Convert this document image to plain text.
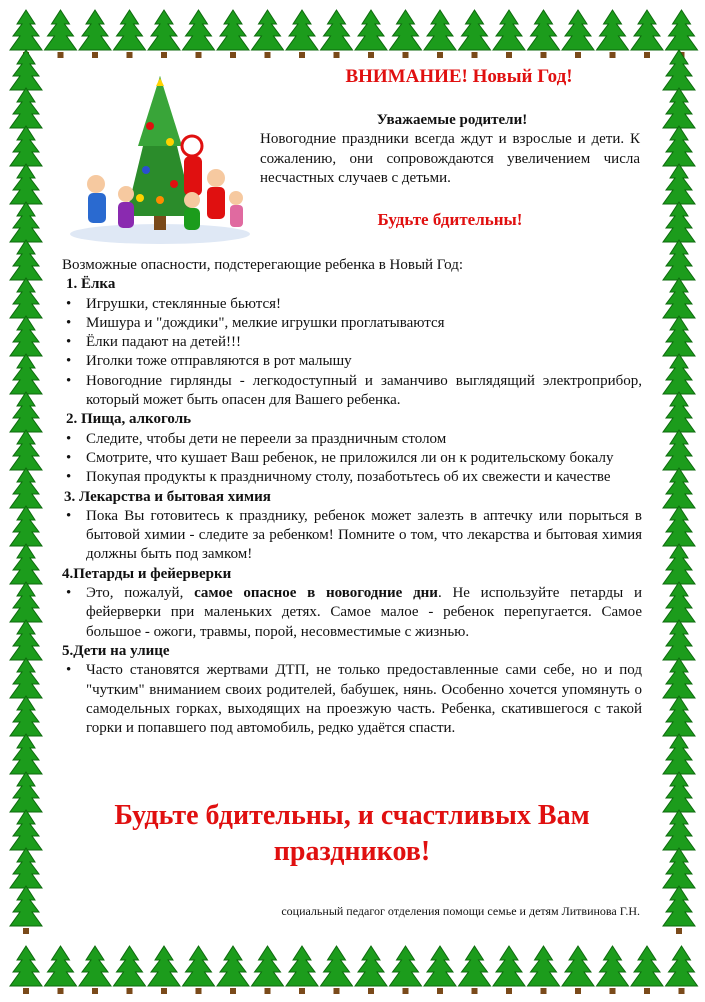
ВНИМАНИЕ! Новый Год!
Уважаемые родители!
Новогодние праздники всегда ждут и взрослые и дети. К сожалению, они сопровождаются увеличением числа несчастных случаев с детьми.
Будьте бдительны!

Возможные опасности, подстерегающие ребенка в Новый Год:

1. Ёлка

• Игрушки, стеклянные бьются!
• Мишура и "дождики", мелкие игрушки проглатываются
• Ёлки падают на детей!!!
• Иголки тоже отправляются в рот малышу
• Новогодние гирлянды - легкодоступный и заманчиво выглядящий электроприбор, который может быть опасен для Вашего ребенка.

2. Пища, алкоголь

• Следите, чтобы дети не переели за праздничным столом
• Смотрите, что кушает Ваш ребенок, не приложился ли он к родительскому бокалу
• Покупая продукты к праздничному столу, позаботьтесь об их свежести и качестве

3. Лекарства и бытовая химия

• Пока Вы готовитесь к празднику, ребенок может залезть в аптечку или порыться в бытовой химии - следите за ребенком! Помните о том, что лекарства и бытовая химия должны быть под замком!

4.Петарды и фейерверки

• Это, пожалуй, самое опасное в новогодние дни. Не используйте петарды и фейерверки при маленьких детях. Самое малое - ребенок перепугается. Самое большое - ожоги, травмы, порой, несовместимые с жизнью.

5.Дети на улице

• Часто становятся жертвами ДТП, не только предоставленные сами себе, но и под "чутким" вниманием своих родителей, бабушек, нянь. Особенно хочется упомянуть о самодельных горках, выходящих на проезжую часть. Ребенка, скатившегося с такой горки и попавшего под автомобиль, редко удаётся спасти.
Будьте бдительны, и счастливых Вам
праздников!
социальный педагог отделения помощи семье и детям Литвинова Г.Н.
